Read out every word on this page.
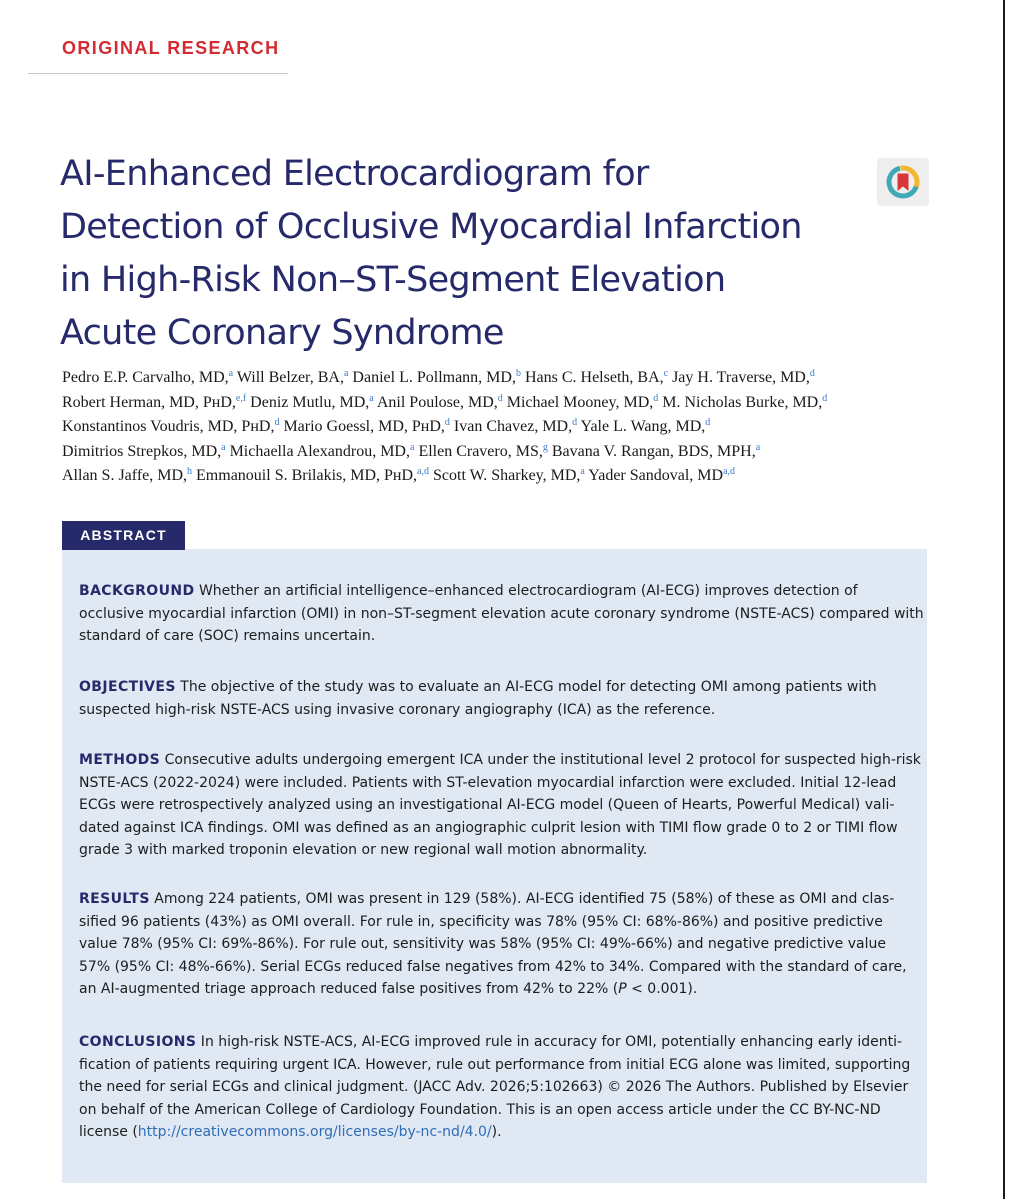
ORIGINAL RESEARCH
AI-Enhanced Electrocardiogram for
Detection of Occlusive Myocardial Infarction
in High-Risk Non–ST-Segment Elevation
Acute Coronary Syndrome
Pedro E.P. Carvalho, MD,$^a$ Will Belzer, BA,$^a$ Daniel L. Pollmann, MD,$^b$ Hans C. Helseth, BA,$^c$ Jay H. Traverse, MD,$^d$
Robert Herman, MD, PʜD,$^{e,f}$ Deniz Mutlu, MD,$^a$ Anil Poulose, MD,$^d$ Michael Mooney, MD,$^d$ M. Nicholas Burke, MD,$^d$
Konstantinos Voudris, MD, PʜD,$^d$ Mario Goessl, MD, PʜD,$^d$ Ivan Chavez, MD,$^d$ Yale L. Wang, MD,$^d$
Dimitrios Strepkos, MD,$^a$ Michaella Alexandrou, MD,$^a$ Ellen Cravero, MS,$^g$ Bavana V. Rangan, BDS, MPH,$^a$
Allan S. Jaffe, MD,$^h$ Emmanouil S. Brilakis, MD, PʜD,$^{a,d}$ Scott W. Sharkey, MD,$^a$ Yader Sandoval, MD$^{a,d}$
ABSTRACT

BACKGROUND Whether an artificial intelligence–enhanced electrocardiogram (AI-ECG) improves detection of
occlusive myocardial infarction (OMI) in non–ST-segment elevation acute coronary syndrome (NSTE-ACS) compared with
standard of care (SOC) remains uncertain.

OBJECTIVES The objective of the study was to evaluate an AI-ECG model for detecting OMI among patients with
suspected high-risk NSTE-ACS using invasive coronary angiography (ICA) as the reference.

METHODS Consecutive adults undergoing emergent ICA under the institutional level 2 protocol for suspected high-risk
NSTE-ACS (2022-2024) were included. Patients with ST-elevation myocardial infarction were excluded. Initial 12-lead
ECGs were retrospectively analyzed using an investigational AI-ECG model (Queen of Hearts, Powerful Medical) vali-
dated against ICA findings. OMI was defined as an angiographic culprit lesion with TIMI flow grade 0 to 2 or TIMI flow
grade 3 with marked troponin elevation or new regional wall motion abnormality.

RESULTS Among 224 patients, OMI was present in 129 (58%). AI-ECG identified 75 (58%) of these as OMI and clas-
sified 96 patients (43%) as OMI overall. For rule in, specificity was 78% (95% CI: 68%-86%) and positive predictive
value 78% (95% CI: 69%-86%). For rule out, sensitivity was 58% (95% CI: 49%-66%) and negative predictive value
57% (95% CI: 48%-66%). Serial ECGs reduced false negatives from 42% to 34%. Compared with the standard of care,
an AI-augmented triage approach reduced false positives from 42% to 22% (P < 0.001).

CONCLUSIONS In high-risk NSTE-ACS, AI-ECG improved rule in accuracy for OMI, potentially enhancing early identi-
fication of patients requiring urgent ICA. However, rule out performance from initial ECG alone was limited, supporting
the need for serial ECGs and clinical judgment. (JACC Adv. 2026;5:102663) © 2026 The Authors. Published by Elsevier
on behalf of the American College of Cardiology Foundation. This is an open access article under the CC BY-NC-ND
license (http://creativecommons.org/licenses/by-nc-nd/4.0/).
